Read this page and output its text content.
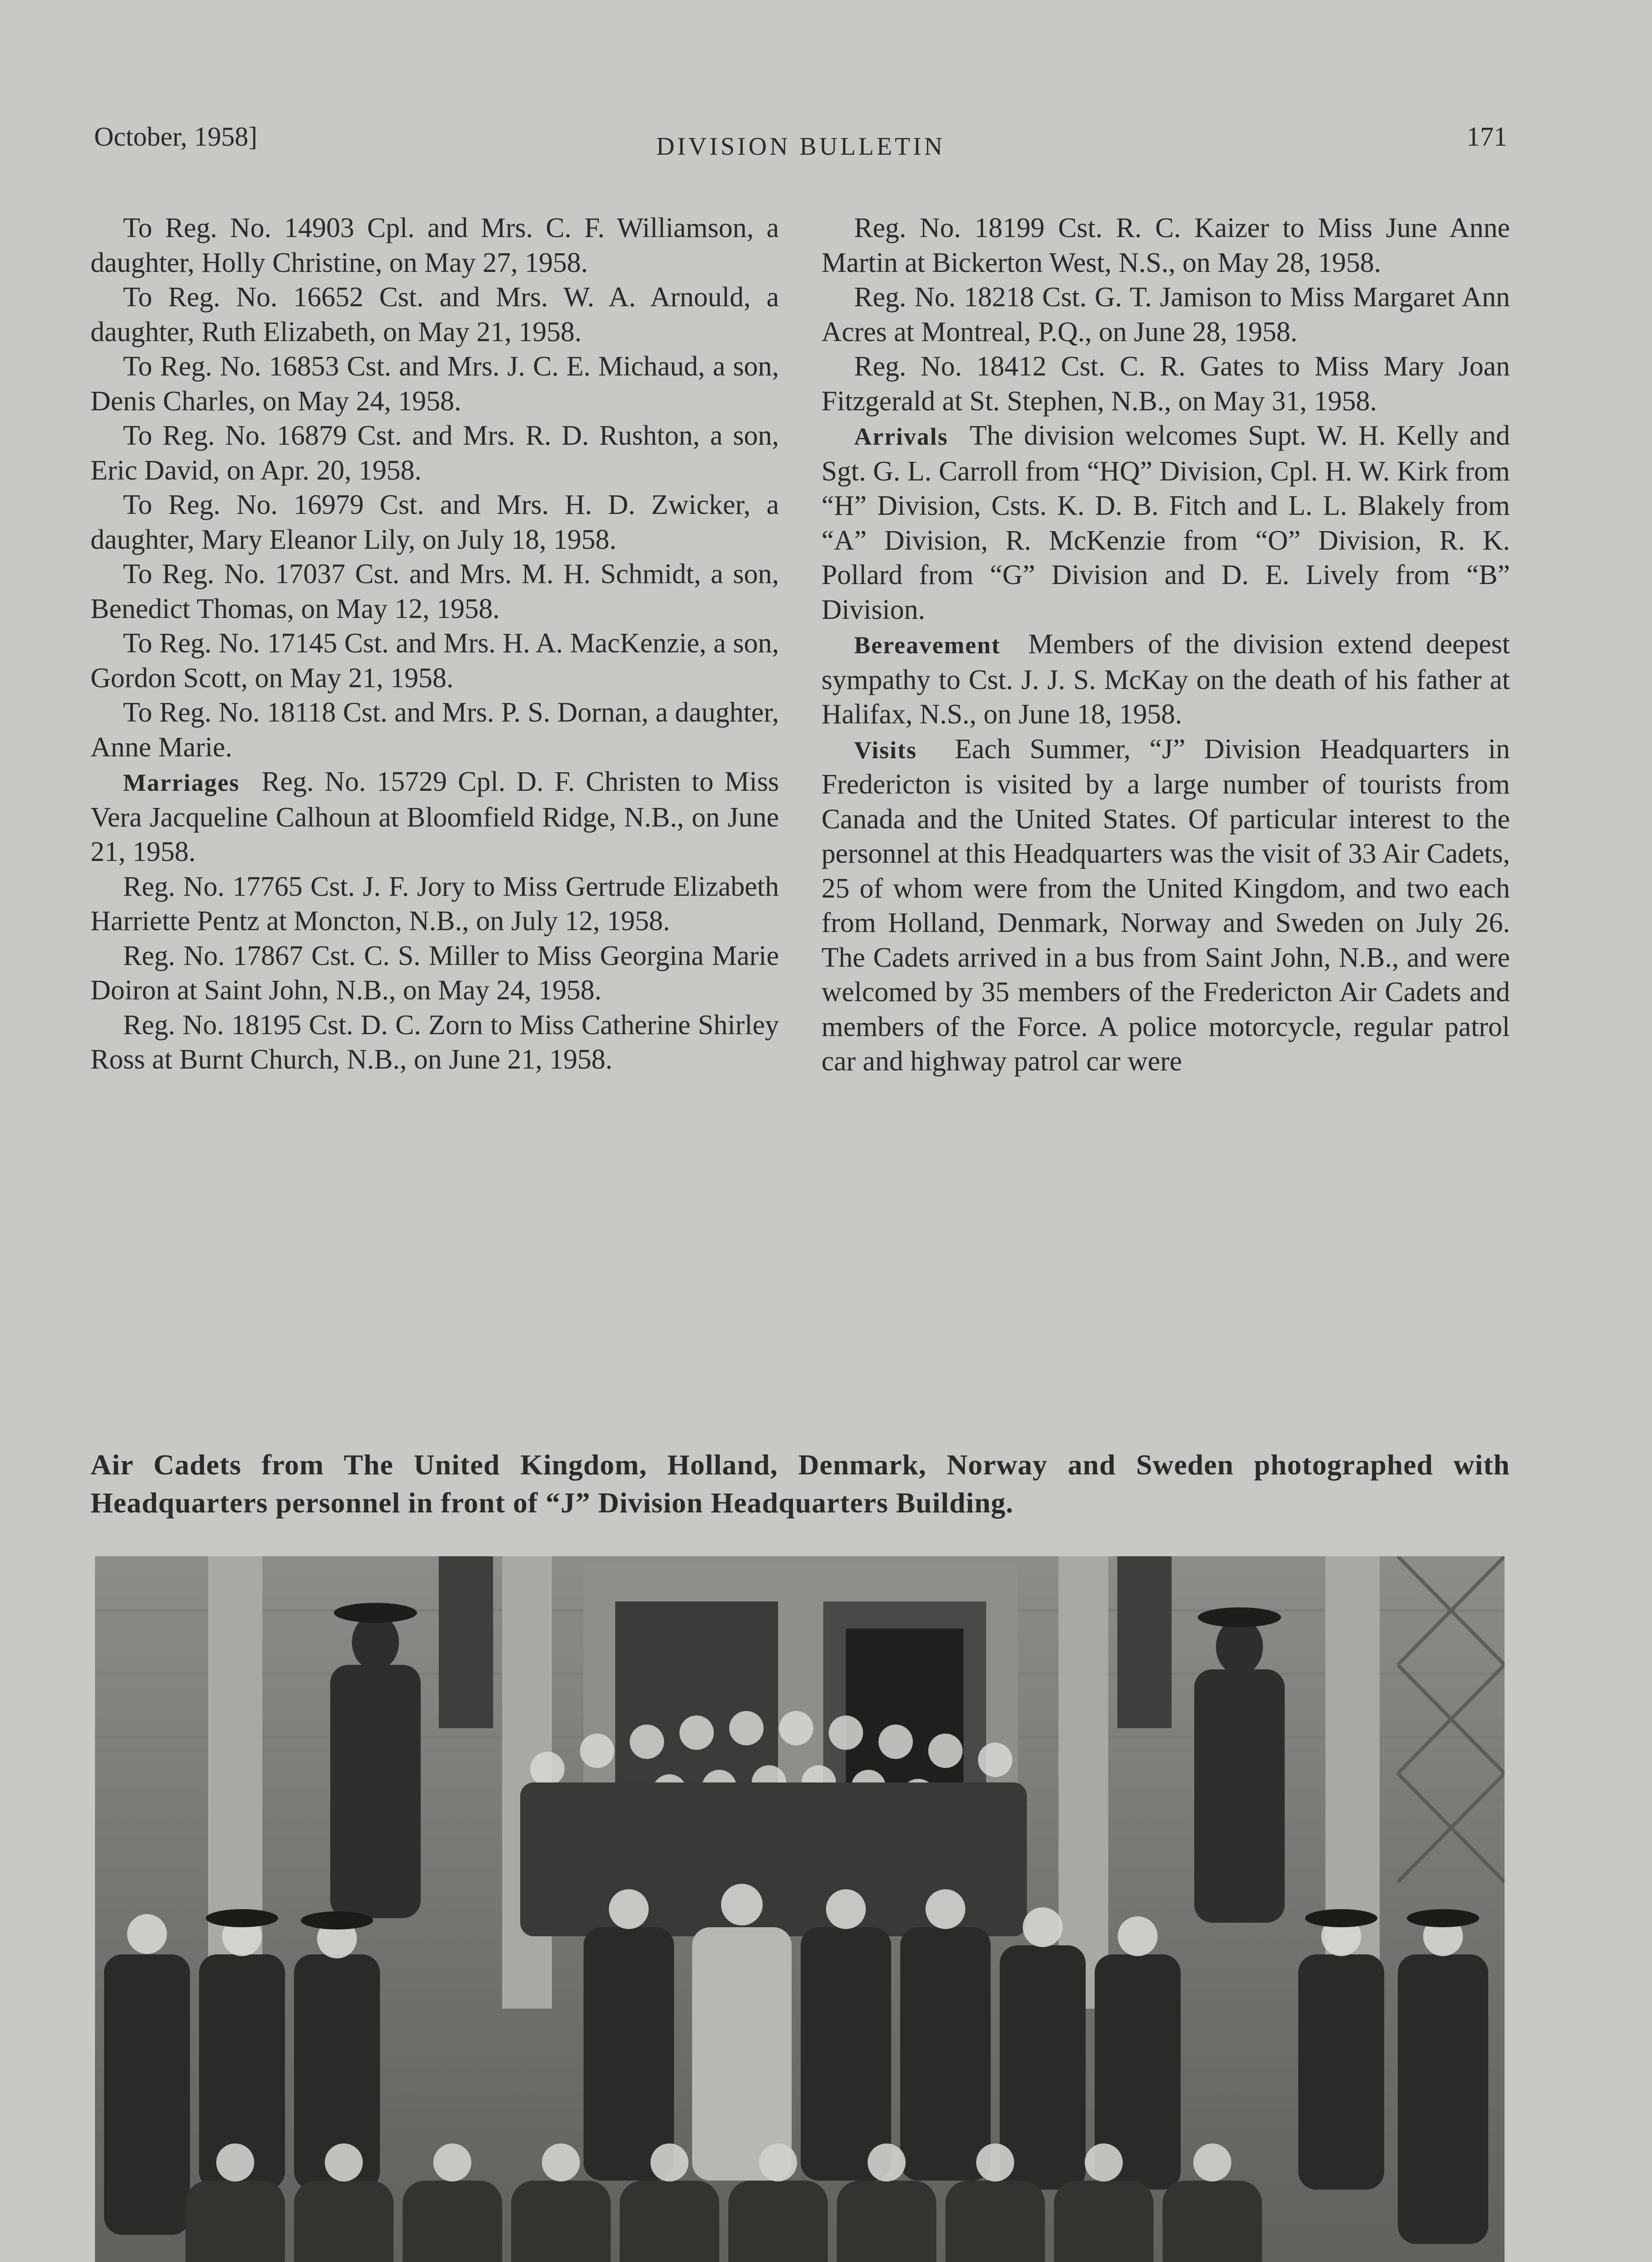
October, 1958]	DIVISION BULLETIN	171

To Reg. No. 14903 Cpl. and Mrs. C. F. Williamson, a daughter, Holly Christine, on May 27, 1958.

To Reg. No. 16652 Cst. and Mrs. W. A. Arnould, a daughter, Ruth Elizabeth, on May 21, 1958.

To Reg. No. 16853 Cst. and Mrs. J. C. E. Michaud, a son, Denis Charles, on May 24, 1958.

To Reg. No. 16879 Cst. and Mrs. R. D. Rushton, a son, Eric David, on Apr. 20, 1958.

To Reg. No. 16979 Cst. and Mrs. H. D. Zwicker, a daughter, Mary Eleanor Lily, on July 18, 1958.

To Reg. No. 17037 Cst. and Mrs. M. H. Schmidt, a son, Benedict Thomas, on May 12, 1958.

To Reg. No. 17145 Cst. and Mrs. H. A. MacKenzie, a son, Gordon Scott, on May 21, 1958.

To Reg. No. 18118 Cst. and Mrs. P. S. Dornan, a daughter, Anne Marie.

Marriages Reg. No. 15729 Cpl. D. F. Christen to Miss Vera Jacqueline Calhoun at Bloomfield Ridge, N.B., on June 21, 1958.

Reg. No. 17765 Cst. J. F. Jory to Miss Gertrude Elizabeth Harriette Pentz at Moncton, N.B., on July 12, 1958.

Reg. No. 17867 Cst. C. S. Miller to Miss Georgina Marie Doiron at Saint John, N.B., on May 24, 1958.

Reg. No. 18195 Cst. D. C. Zorn to Miss Catherine Shirley Ross at Burnt Church, N.B., on June 21, 1958.

Reg. No. 18199 Cst. R. C. Kaizer to Miss June Anne Martin at Bickerton West, N.S., on May 28, 1958.

Reg. No. 18218 Cst. G. T. Jamison to Miss Margaret Ann Acres at Montreal, P.Q., on June 28, 1958.

Reg. No. 18412 Cst. C. R. Gates to Miss Mary Joan Fitzgerald at St. Stephen, N.B., on May 31, 1958.

Arrivals The division welcomes Supt. W. H. Kelly and Sgt. G. L. Carroll from “HQ” Division, Cpl. H. W. Kirk from “H” Division, Csts. K. D. B. Fitch and L. L. Blakely from “A” Division, R. McKenzie from “O” Division, R. K. Pollard from “G” Division and D. E. Lively from “B” Division.

Bereavement Members of the division extend deepest sympathy to Cst. J. J. S. McKay on the death of his father at Halifax, N.S., on June 18, 1958.

Visits Each Summer, “J” Division Headquarters in Fredericton is visited by a large number of tourists from Canada and the United States. Of particular interest to the personnel at this Headquarters was the visit of 33 Air Cadets, 25 of whom were from the United Kingdom, and two each from Holland, Denmark, Norway and Sweden on July 26. The Cadets arrived in a bus from Saint John, N.B., and were welcomed by 35 members of the Fredericton Air Cadets and members of the Force. A police motorcycle, regular patrol car and highway patrol car were

Air Cadets from The United Kingdom, Holland, Denmark, Norway and Sweden photographed with Headquarters personnel in front of “J” Division Headquarters Building.
